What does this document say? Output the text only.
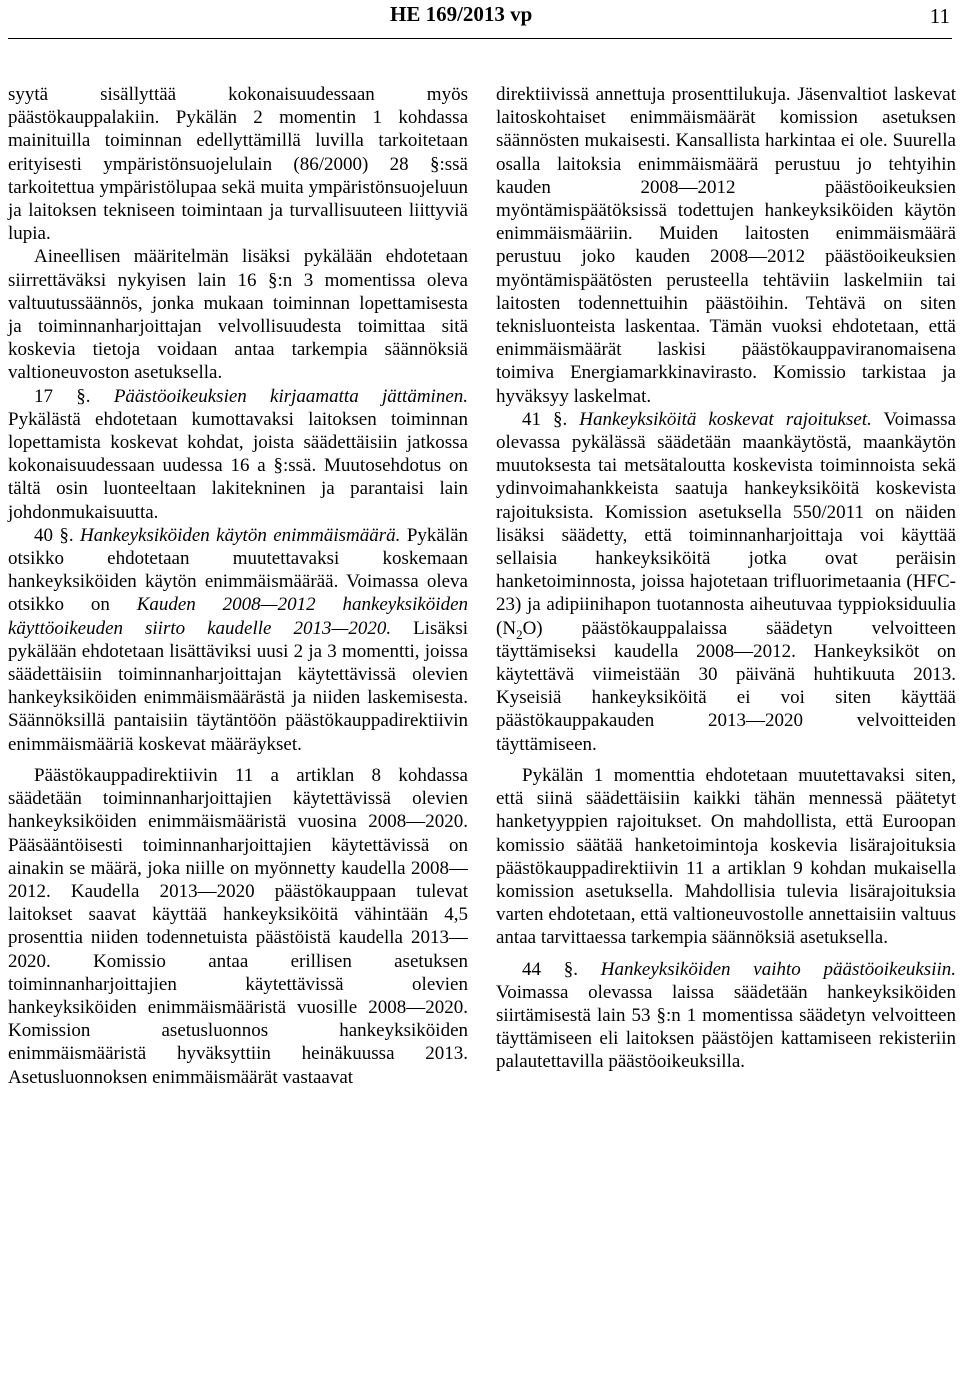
HE 169/2013 vp	11

syytä sisällyttää kokonaisuudessaan myös päästökauppalakiin. Pykälän 2 momentin 1 kohdassa mainituilla toiminnan edellyttämillä luvilla tarkoitetaan erityisesti ympäristönsuojelulain (86/2000) 28 §:ssä tarkoitettua ympäristölupaa sekä muita ympäristönsuojeluun ja laitoksen tekniseen toimintaan ja turvallisuuteen liittyviä lupia.

Aineellisen määritelmän lisäksi pykälään ehdotetaan siirrettäväksi nykyisen lain 16 §:n 3 momentissa oleva valtuutussäännös, jonka mukaan toiminnan lopettamisesta ja toiminnanharjoittajan velvollisuudesta toimittaa sitä koskevia tietoja voidaan antaa tarkempia säännöksiä valtioneuvoston asetuksella.

17 §. Päästöoikeuksien kirjaamatta jättäminen. Pykälästä ehdotetaan kumottavaksi laitoksen toiminnan lopettamista koskevat kohdat, joista säädettäisiin jatkossa kokonaisuudessaan uudessa 16 a §:ssä. Muutosehdotus on tältä osin luonteeltaan lakitekninen ja parantaisi lain johdonmukaisuutta.

40 §. Hankeyksiköiden käytön enimmäismäärä. Pykälän otsikko ehdotetaan muutettavaksi koskemaan hankeyksiköiden käytön enimmäismäärää. Voimassa oleva otsikko on Kauden 2008—2012 hankeyksiköiden käyttöoikeuden siirto kaudelle 2013—2020. Lisäksi pykälään ehdotetaan lisättäviksi uusi 2 ja 3 momentti, joissa säädettäisiin toiminnanharjoittajan käytettävissä olevien hankeyksiköiden enimmäismäärästä ja niiden laskemisesta. Säännöksillä pantaisiin täytäntöön päästökauppadirektiivin enimmäismääriä koskevat määräykset.

Päästökauppadirektiivin 11 a artiklan 8 kohdassa säädetään toiminnanharjoittajien käytettävissä olevien hankeyksiköiden enimmäismääristä vuosina 2008—2020. Pääsääntöisesti toiminnanharjoittajien käytettävissä on ainakin se määrä, joka niille on myönnetty kaudella 2008—2012. Kaudella 2013—2020 päästökauppaan tulevat laitokset saavat käyttää hankeyksiköitä vähintään 4,5 prosenttia niiden todennetuista päästöistä kaudella 2013—2020. Komissio antaa erillisen asetuksen toiminnanharjoittajien käytettävissä olevien hankeyksiköiden enimmäismääristä vuosille 2008—2020. Komission asetusluonnos hankeyksiköiden enimmäismääristä hyväksyttiin heinäkuussa 2013. Asetusluonnoksen enimmäismäärät vastaavat

direktiivissä annettuja prosenttilukuja. Jäsenvaltiot laskevat laitoskohtaiset enimmäismäärät komission asetuksen säännösten mukaisesti. Kansallista harkintaa ei ole. Suurella osalla laitoksia enimmäismäärä perustuu jo tehtyihin kauden 2008—2012 päästöoikeuksien myöntämispäätöksissä todettujen hankeyksiköiden käytön enimmäismääriin. Muiden laitosten enimmäismäärä perustuu joko kauden 2008—2012 päästöoikeuksien myöntämispäätösten perusteella tehtäviin laskelmiin tai laitosten todennettuihin päästöihin. Tehtävä on siten teknisluonteista laskentaa. Tämän vuoksi ehdotetaan, että enimmäismäärät laskisi päästökauppaviranomaisena toimiva Energiamarkkinavirasto. Komissio tarkistaa ja hyväksyy laskelmat.

41 §. Hankeyksiköitä koskevat rajoitukset. Voimassa olevassa pykälässä säädetään maankäytöstä, maankäytön muutoksesta tai metsätaloutta koskevista toiminnoista sekä ydinvoimahankkeista saatuja hankeyksiköitä koskevista rajoituksista. Komission asetuksella 550/2011 on näiden lisäksi säädetty, että toiminnanharjoittaja voi käyttää sellaisia hankeyksiköitä jotka ovat peräisin hanketoiminnosta, joissa hajotetaan trifluorimetaania (HFC-23) ja adipiinihapon tuotannosta aiheutuvaa typpioksiduulia $(N_2O)$ päästökauppalaissa säädetyn velvoitteen täyttämiseksi kaudella 2008—2012. Hankeyksiköt on käytettävä viimeistään 30 päivänä huhtikuuta 2013. Kyseisiä hankeyksiköitä ei voi siten käyttää päästökauppakauden 2013—2020 velvoitteiden täyttämiseen.

Pykälän 1 momenttia ehdotetaan muutettavaksi siten, että siinä säädettäisiin kaikki tähän mennessä päätetyt hanketyyppien rajoitukset. On mahdollista, että Euroopan komissio säätää hanketoimintoja koskevia lisärajoituksia päästökauppadirektiivin 11 a artiklan 9 kohdan mukaisella komission asetuksella. Mahdollisia tulevia lisärajoituksia varten ehdotetaan, että valtioneuvostolle annettaisiin valtuus antaa tarvittaessa tarkempia säännöksiä asetuksella.

44 §. Hankeyksiköiden vaihto päästöoikeuksiin. Voimassa olevassa laissa säädetään hankeyksiköiden siirtämisestä lain 53 §:n 1 momentissa säädetyn velvoitteen täyttämiseen eli laitoksen päästöjen kattamiseen rekisteriin palautettavilla päästöoikeuksilla.
